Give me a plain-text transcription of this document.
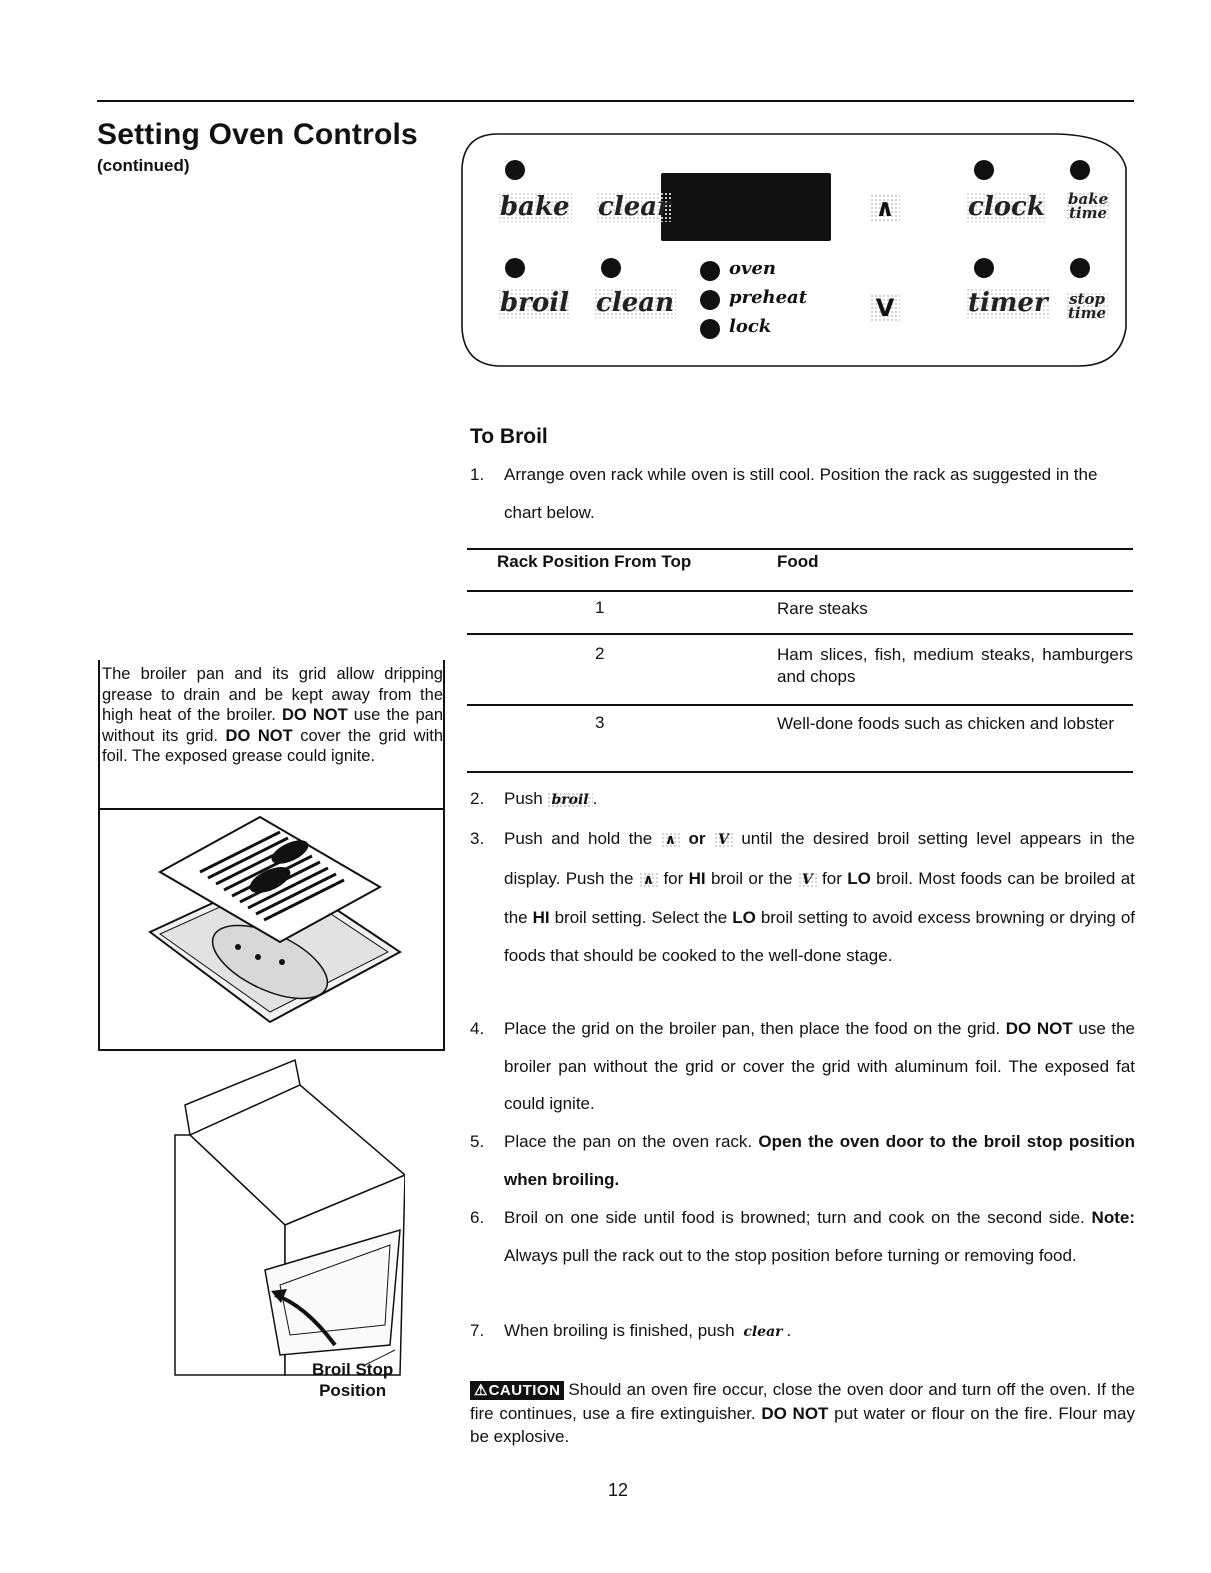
Setting Oven Controls
(continued)
bake clear	∧	clock bake
time
broil clean
oven
preheat
lock
V	timer stop
time
To Broil
1. Arrange oven rack while oven is still cool. Position the rack as suggested in the chart below.
Rack Position From Top	Food
1	Rare steaks
2	Ham slices, fish, medium steaks, hamburgers and chops
3	Well-done foods such as chicken and lobster
The broiler pan and its grid allow dripping grease to drain and be kept away from the high heat of the broiler. DO NOT use the pan without its grid. DO NOT cover the grid with foil. The exposed grease could ignite.
Broil Stop
Position
2. Push broil .
3. Push and hold the ∧ or V until the desired broil setting level appears in the display. Push the ∧ for HI broil or the V for LO broil. Most foods can be broiled at the HI broil setting. Select the LO broil setting to avoid excess browning or drying of foods that should be cooked to the well-done stage.
4. Place the grid on the broiler pan, then place the food on the grid. DO NOT use the broiler pan without the grid or cover the grid with aluminum foil. The exposed fat could ignite.
5. Place the pan on the oven rack. Open the oven door to the broil stop position when broiling.
6. Broil on one side until food is browned; turn and cook on the second side. Note: Always pull the rack out to the stop position before turning or removing food.
7. When broiling is finished, push clear .
⚠CAUTION Should an oven fire occur, close the oven door and turn off the oven. If the fire continues, use a fire extinguisher. DO NOT put water or flour on the fire. Flour may be explosive.
12
